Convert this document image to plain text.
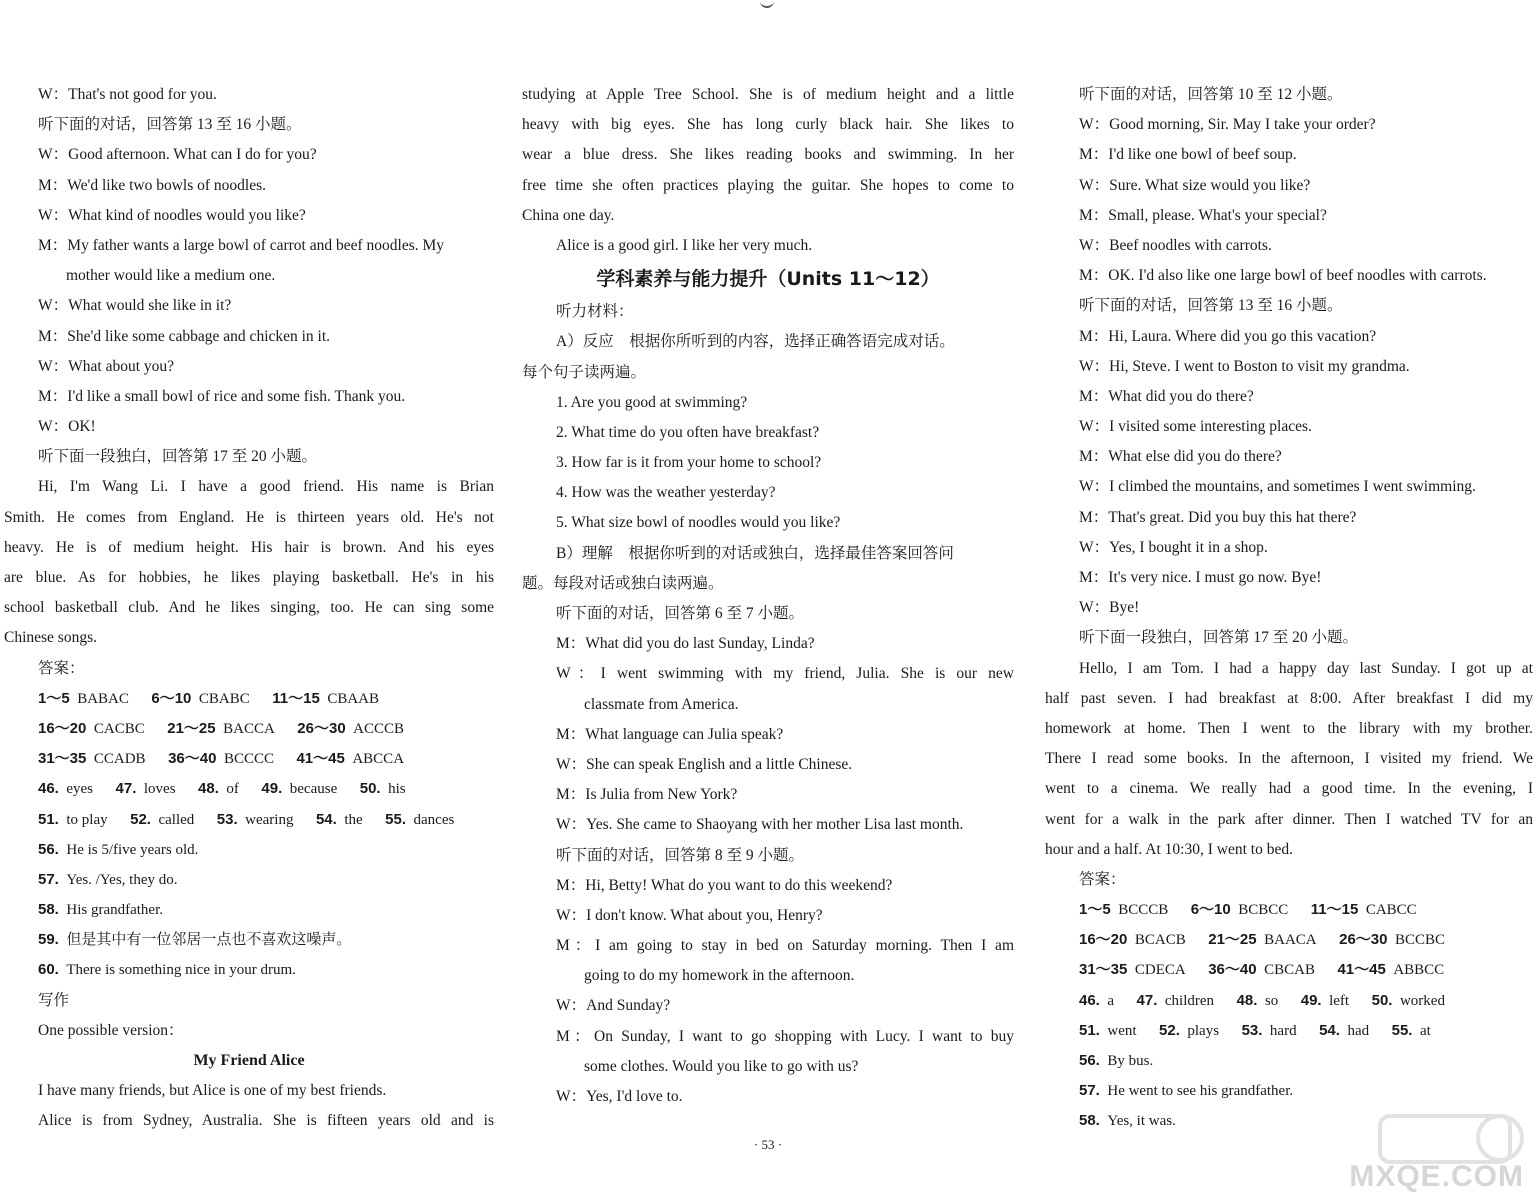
W：That's not good for you.
听下面的对话，回答第 13 至 16 小题。
W：Good afternoon. What can I do for you?
M：We'd like two bowls of noodles.
W：What kind of noodles would you like?
M：My father wants a large bowl of carrot and beef noodles. My
mother would like a medium one.
W：What would she like in it?
M：She'd like some cabbage and chicken in it.
W：What about you?
M：I'd like a small bowl of rice and some fish. Thank you.
W：OK!
听下面一段独白，回答第 17 至 20 小题。
Hi, I'm Wang Li. I have a good friend. His name is Brian
Smith. He comes from England. He is thirteen years old. He's not
heavy. He is of medium height. His hair is brown. And his eyes
are blue. As for hobbies, he likes playing basketball. He's in his
school basketball club. And he likes singing, too. He can sing some
Chinese songs.
答案：
1～5  BABAC   6～10  CBABC   11～15  CBAAB
16～20  CACBC   21～25  BACCA   26～30  ACCCB
31～35  CCADB   36～40  BCCCC   41～45  ABCCA
46.  eyes   47.  loves   48.  of   49.  because   50.  his
51.  to play   52.  called   53.  wearing   54.  the   55.  dances
56.  He is 5/five years old.
57.  Yes. /Yes, they do.
58.  His grandfather.
59.  但是其中有一位邻居一点也不喜欢这噪声。
60.  There is something nice in your drum.
写作
One possible version：
My Friend Alice
I have many friends, but Alice is one of my best friends.
Alice is from Sydney, Australia. She is fifteen years old and is
studying at Apple Tree School. She is of medium height and a little
heavy with big eyes. She has long curly black hair. She likes to
wear a blue dress. She likes reading books and swimming. In her
free time she often practices playing the guitar. She hopes to come to
China one day.
Alice is a good girl. I like her very much.
学科素养与能力提升（Units 11～12）
听力材料：
A）反应　根据你所听到的内容，选择正确答语完成对话。
每个句子读两遍。
1. Are you good at swimming?
2. What time do you often have breakfast?
3. How far is it from your home to school?
4. How was the weather yesterday?
5. What size bowl of noodles would you like?
B）理解　根据你听到的对话或独白，选择最佳答案回答问
题。每段对话或独白读两遍。
听下面的对话，回答第 6 至 7 小题。
M：What did you do last Sunday, Linda?
W：I went swimming with my friend, Julia. She is our new
classmate from America.
M：What language can Julia speak?
W：She can speak English and a little Chinese.
M：Is Julia from New York?
W：Yes. She came to Shaoyang with her mother Lisa last month.
听下面的对话，回答第 8 至 9 小题。
M：Hi, Betty! What do you want to do this weekend?
W：I don't know. What about you, Henry?
M：I am going to stay in bed on Saturday morning. Then I am
going to do my homework in the afternoon.
W：And Sunday?
M：On Sunday, I want to go shopping with Lucy. I want to buy
some clothes. Would you like to go with us?
W：Yes, I'd love to.
听下面的对话，回答第 10 至 12 小题。
W：Good morning, Sir. May I take your order?
M：I'd like one bowl of beef soup.
W：Sure. What size would you like?
M：Small, please. What's your special?
W：Beef noodles with carrots.
M：OK. I'd also like one large bowl of beef noodles with carrots.
听下面的对话，回答第 13 至 16 小题。
M：Hi, Laura. Where did you go this vacation?
W：Hi, Steve. I went to Boston to visit my grandma.
M：What did you do there?
W：I visited some interesting places.
M：What else did you do there?
W：I climbed the mountains, and sometimes I went swimming.
M：That's great. Did you buy this hat there?
W：Yes, I bought it in a shop.
M：It's very nice. I must go now. Bye!
W：Bye!
听下面一段独白，回答第 17 至 20 小题。
Hello, I am Tom. I had a happy day last Sunday. I got up at
half past seven. I had breakfast at 8:00. After breakfast I did my
homework at home. Then I went to the library with my brother.
There I read some books. In the afternoon, I visited my friend. We
went to a cinema. We really had a good time. In the evening, I
went for a walk in the park after dinner. Then I watched TV for an
hour and a half. At 10:30, I went to bed.
答案：
1～5  BCCCB   6～10  BCBCC   11～15  CABCC
16～20  BCACB   21～25  BAACA   26～30  BCCBC
31～35  CDECA   36～40  CBCAB   41～45  ABBCC
46.  a   47.  children   48.  so   49.  left   50.  worked
51.  went   52.  plays   53.  hard   54.  had   55.  at
56.  By bus.
57.  He went to see his grandfather.
58.  Yes, it was.
· 53 ·
MXQE.COM
